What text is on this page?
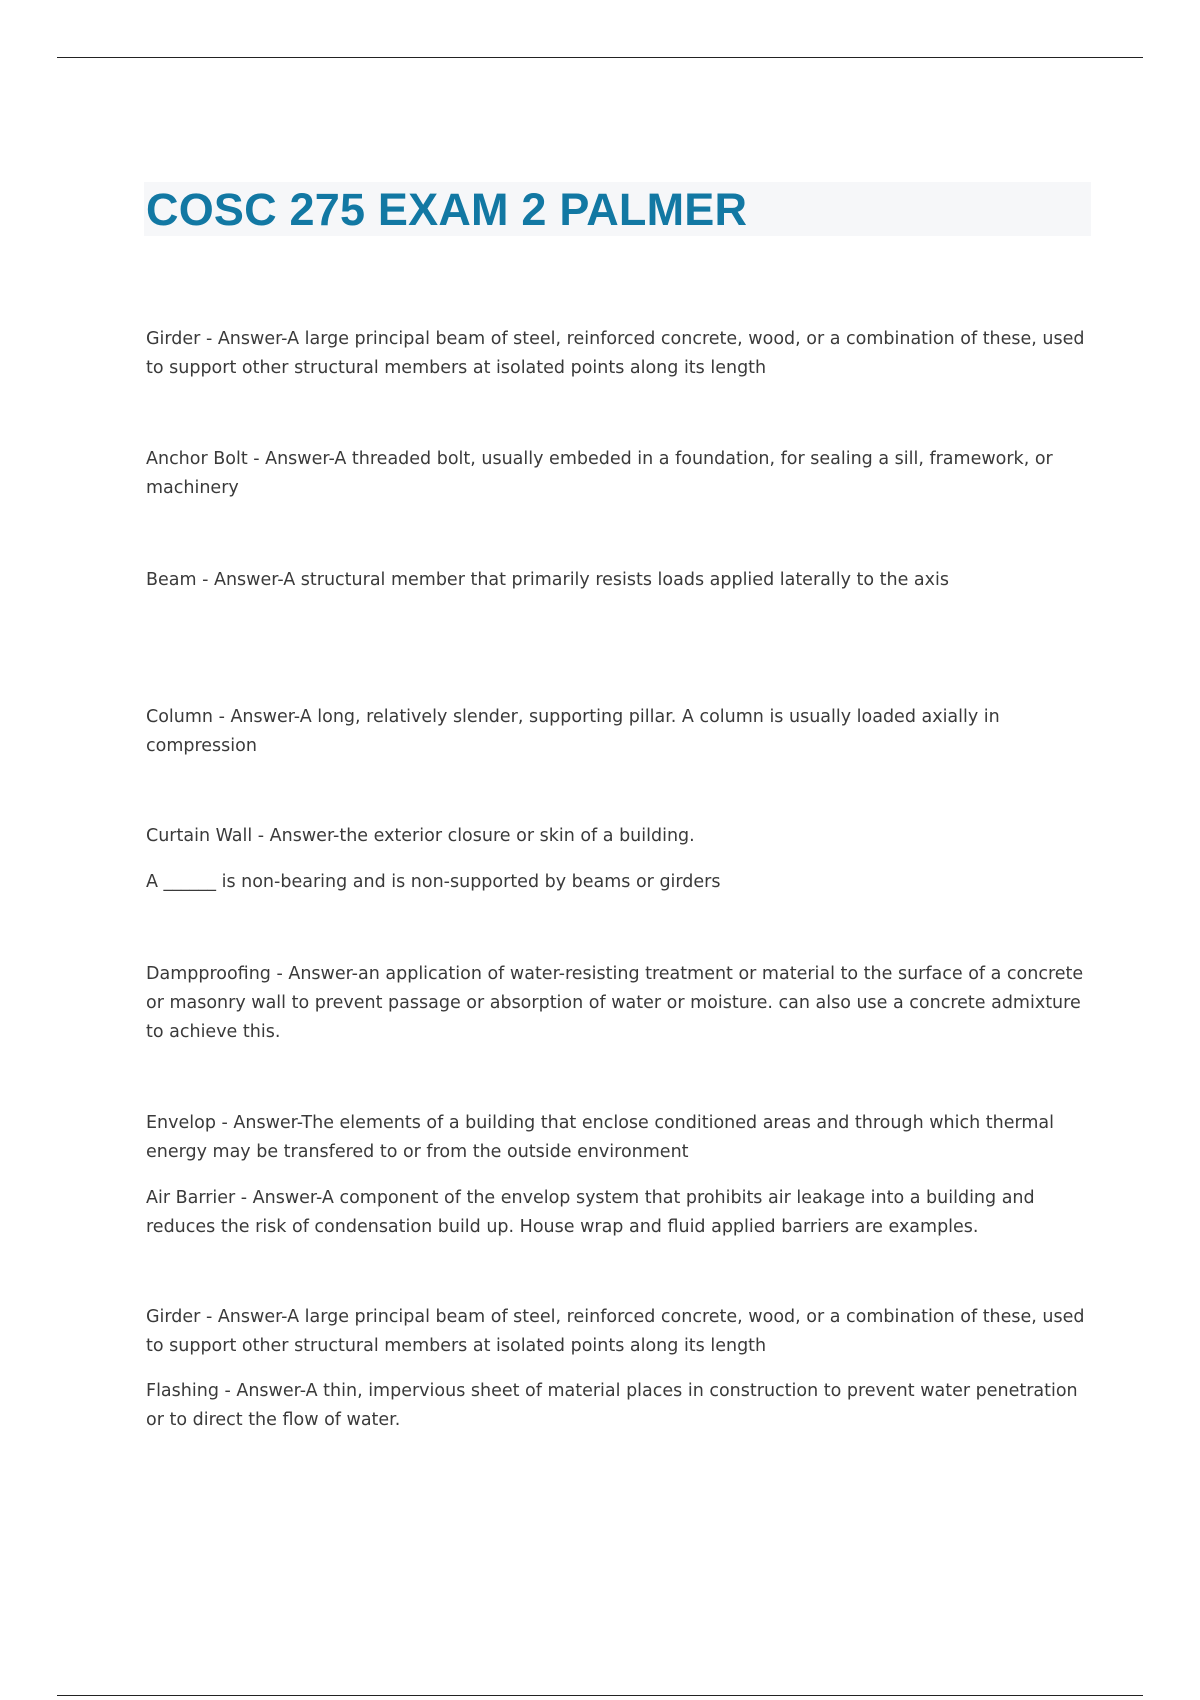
COSC 275 EXAM 2 PALMER

Girder - Answer-A large principal beam of steel, reinforced concrete, wood, or a combination of these, used to support other structural members at isolated points along its length

Anchor Bolt - Answer-A threaded bolt, usually embeded in a foundation, for sealing a sill, framework, or machinery

Beam - Answer-A structural member that primarily resists loads applied laterally to the axis

Column - Answer-A long, relatively slender, supporting pillar. A column is usually loaded axially in compression

Curtain Wall - Answer-the exterior closure or skin of a building.

A ______ is non-bearing and is non-supported by beams or girders

Dampproofing - Answer-an application of water-resisting treatment or material to the surface of a concrete or masonry wall to prevent passage or absorption of water or moisture. can also use a concrete admixture to achieve this.

Envelop - Answer-The elements of a building that enclose conditioned areas and through which thermal energy may be transfered to or from the outside environment

Air Barrier - Answer-A component of the envelop system that prohibits air leakage into a building and reduces the risk of condensation build up. House wrap and fluid applied barriers are examples.

Girder - Answer-A large principal beam of steel, reinforced concrete, wood, or a combination of these, used to support other structural members at isolated points along its length

Flashing - Answer-A thin, impervious sheet of material places in construction to prevent water penetration or to direct the flow of water.
